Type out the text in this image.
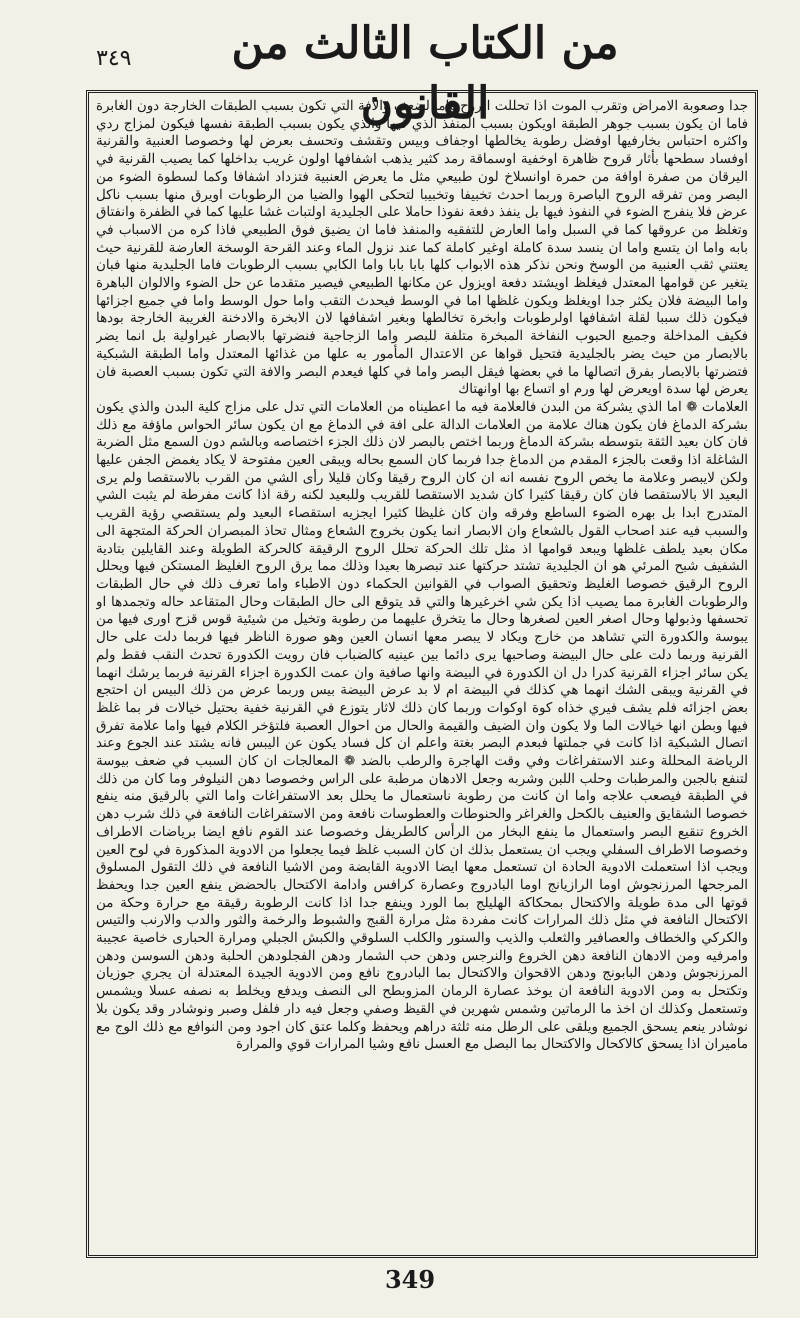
من الكتاب الثالث من القانون
٣٤٩

جدا وصعوبة الامراض وتقرب الموت اذا تحللت الروح واما لضعف والافة التي تكون بسبب الطبقات الخارجة دون الغابرة فاما ان يكون بسبب جوهر الطبقة اويكون بسبب المنفذ الذي فيها والذي يكون بسبب الطبقة نفسها فيكون لمزاج ردي واكثره احتباس بخارفيها اوفضل رطوبة يخالطها اوجفاف وبيس وتقشف وتحسف بعرض لها وخصوصا العنبية والقرنية اوفساد سطحها بأثار قروح ظاهرة اوخفية اوسماقة رمد كثير يذهب اشفافها اولون غريب بداخلها كما يصيب القرنية في اليرقان من صفرة اوافة من حمرة اوانسلاخ لون طبيعي مثل ما يعرض العنبية فتزداد اشفافا وكما لسطوة الضوء من البصر ومن تفرقه الروح الباصرة وربما احدث تخبيفا وتخبيبا لتحكى الهوا والضيا من الرطوبات اويرق منها بسبب ناكل عرض فلا ينفرج الضوء في النفوذ فيها بل ينفذ دفعة نفوذا حاملا على الجليدية اولتبات غشا عليها كما في الظفرة وانفتاق وتغلظ من عروقها كما في السبل واما العارض للتفقيه والمنفذ فاما ان يضيق فوق الطبيعي فاذا كره من الاسباب في بابه واما ان يتسع واما ان ينسد سدة كاملة اوغير كاملة كما عند نزول الماء وعند القرحة الوسخة العارضة للقرنية حيث يعتني ثقب العنبية من الوسخ ونحن نذكر هذه الابواب كلها بابا بابا واما الكابي بسبب الرطوبات فاما الجليدية منها فبان يتغير عن قوامها المعتدل فيغلظ اويشتد دفعة اويزول عن مكانها الطبيعي فيصير متقدما عن حل الضوء والالوان الباهرة واما البيضة فلان يكثر جدا اويغلظ ويكون غلظها اما في الوسط فيحدث التقب واما حول الوسط واما في جميع اجزائها فيكون ذلك سببا لقلة اشفافها اولرطوبات وابخرة تخالطها وبغير اشفافها لان الابخرة والادخنة الغريبة الخارجة بودها فكيف المداخلة وجميع الحبوب النفاخة المبخرة متلفة للبصر واما الزجاجية فنضرتها بالابصار غيراولية بل انما يضر بالابصار من حيث يضر بالجليدية فتحيل قواها عن الاعتدال المأمور به علها من غذائها المعتدل واما الطبقة الشبكية فتضرتها بالابصار بفرق اتصالها ما في بعضها فيقل البصر واما في كلها فيعدم البصر والافة التي تكون بسبب العصبة فان يعرض لها سدة اويعرض لها ورم او اتساع بها اوانهتاك

العلامات ❁ اما الذي يشركة من البدن فالعلامة فيه ما اعطيناه من العلامات التي تدل على مزاج كلية البدن والذي يكون بشركة الدماغ فان يكون هناك علامة من العلامات الدالة على افة في الدماغ مع ان يكون سائر الحواس ماؤفة مع ذلك فان كان بعيد الثقة بتوسطه بشركة الدماغ وربما اختص بالبصر لان ذلك الجزء اختصاصه وبالشم دون السمع مثل الضربة الشاغلة اذا وقعت بالجزء المقدم من الدماغ جدا فربما كان السمع بحاله ويبقى العين مفتوحة لا يكاد يغمض الجفن عليها ولكن لايبصر وعلامة ما يخص الروح نفسه انه ان كان الروح رقيقا وكان قليلا رأى الشي من القرب بالاستقصا ولم يرى البعيد الا بالاستقصا فان كان رقيقا كثيرا كان شديد الاستقصا للقريب وللبعيد لكنه رقة اذا كانت مفرطة لم يثبت الشي المتدرج ابدا بل بهره الضوء الساطع وفرقه وان كان غليظا كثيرا ايجزيه استقصاء البعيد ولم يستقصي رؤية القريب والسبب فيه عند اصحاب القول بالشعاع وان الابصار انما يكون بخروج الشعاع ومثال تحاذ المبصران الحركة المتجهة الى مكان بعيد يلطف غلظها ويبعد قوامها اذ مثل تلك الحركة تحلل الروح الرقيقة كالحركة الطويلة وعند القايلين بتادية الشفيف شبح المرئي هو ان الجليدية تشتد حركتها عند تبصرها بعيدا وذلك مما يرق الروح الغليظ المستكن فيها ويحلل الروح الرقيق خصوصا الغليظ وتحقيق الصواب في القوانين الحكماء دون الاطباء واما تعرف ذلك في حال الطبقات والرطوبات الغابرة مما يصيب اذا يكن شي اخرغيرها والتي قد يتوقع الى حال الطبقات وحال المتقاعد حاله وتجمدها او تحسفها وذبولها وحال اصغر العين لصغرها وحال ما يتخرق عليهما من رطوبة وتخيل من شيئية قوس قزح اورى فيها من يبوسة والكدورة التي تشاهد من خارج ويكاد لا يبصر معها انسان العين وهو صورة الناظر فيها فربما دلت على حال القرنية وربما دلت على حال البيضة وصاحبها يرى دائما بين عينيه كالضباب فان رويت الكدورة تحدث النقب فقط ولم يكن سائر اجزاء القرنية كدرا دل ان الكدورة في البيضة وانها صافية وان عمت الكدورة اجزاء القرنية فربما يرشك انهما في القرنية ويبقى الشك انهما هي كذلك في البيضة ام لا بد عرض البيضة بيس وربما عرض من ذلك البيس ان احتجع بعض اجزائه فلم يشف فيري خذاه كوة اوكوات وربما كان ذلك لاثار يتوزع في القرنية خفية بحتيل خيالات فر بما غلظ فيها وبطن انها خيالات الما ولا يكون وان الضيف والقيمة والحال من احوال العصبة فلتؤخر الكلام فيها واما علامة تفرق اتصال الشبكية اذا كانت في جملتها فبعدم البصر بغتة واعلم ان كل فساد يكون عن اليبس فانه يشتد عند الجوع وعند الرياضة المحللة وعند الاستفراغات وفي وقت الهاجرة والرطب بالضد ❁ المعالجات ان كان السبب في ضعف بيوسة لتنفع بالجبن والمرطبات وحلب اللبن وشربه وجعل الادهان مرطبة على الراس وخصوصا دهن النيلوفر وما كان من ذلك في الطبقة فيصعب علاجه واما ان كانت من رطوبة ناستعمال ما يحلل بعد الاستفراغات واما التي بالرقيق منه ينفع خصوصا الشقايق والعنيف بالكحل والغراغر والحنوطات والعطوسات نافعة ومن الاستفراغات النافعة في ذلك شرب دهن الخروع تنقيع البصر واستعمال ما ينفع البخار من الرأس كالطريفل وخصوصا عند القوم نافع ايضا برياضات الاطراف وخصوصا الاطراف السفلي ويجب ان يستعمل بذلك ان كان السبب غلظ فيما يجعلوا من الادوية المذكورة في لوح العين ويجب اذا استعملت الادوية الحادة ان تستعمل معها ايضا الادوية القابضة ومن الاشيا النافعة في ذلك التقول المسلوق المرجحها المرزنجوش اوما الرازيانج اوما البادروج وعصارة كرافس وادامة الاكتحال بالحضض ينفع العين جدا ويحفظ قوتها الى مدة طويلة والاكتحال بمحكاكة الهليلج بما الورد وينفع جدا اذا كانت الرطوبة رقيقة مع حرارة وحكة من الاكتحال النافعة في مثل ذلك المرارات كانت مفردة مثل مرارة القبج والشبوط والرخمة والثور والدب والارنب والتيس والكركي والخطاف والعصافير والثعلب والذيب والسنور والكلب السلوقي والكبش الجبلي ومرارة الحبارى خاصية عجيبة وامرفيه ومن الادهان النافعة دهن الخروع والنرجس ودهن حب الشمار ودهن الفجلودهن الحلبة ودهن السوسن ودهن المرزنجوش ودهن البابونج ودهن الاقحوان والاكتحال بما البادروج نافع ومن الادوية الجيدة المعتدلة ان يجري جوزيان وتكتحل به ومن الادوية النافعة ان يوخذ عصارة الرمان المزوبطح الى النصف ويدفع ويخلط به نصفه عسلا ويشمس وتستعمل وكذلك ان اخذ ما الرماتين وشمس شهرين في القيظ وصفي وجعل فيه دار فلفل وصبر ونوشادر وقد يكون بلا نوشادر ينعم يسحق الجميع ويلقى على الرطل منه ثلثة دراهم ويحفظ وكلما عتق كان اجود ومن النوافع مع ذلك الوج مع ماميران اذا يسحق كالاكحال والاكتحال بما البصل مع العسل نافع وشيا المرارات قوي والمرارة

349
